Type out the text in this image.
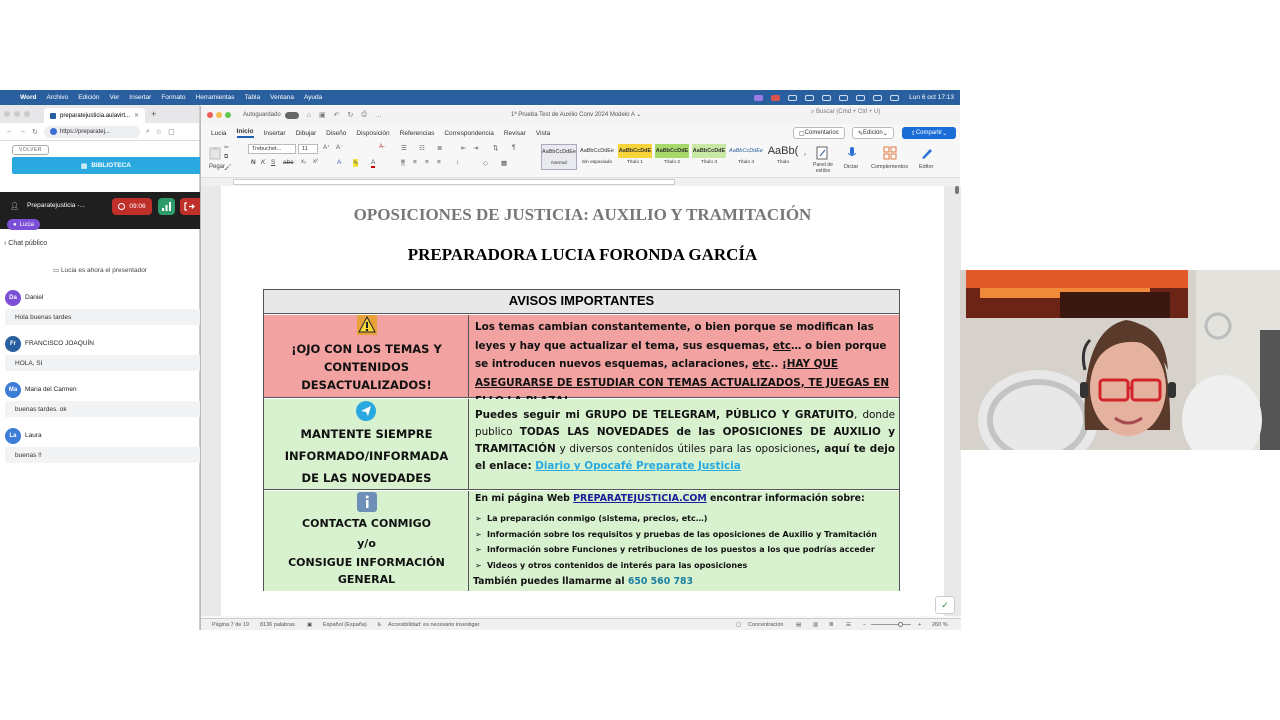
Word Archivo Edición Ver Insertar Formato Herramientas Tabla Ventana Ayuda	Lun 6 oct 17:13
preparatejusticia.aulavirt... ✕ +
← → ↻	https://preparatej...	⌕ ☆ ▢
VOLVER
▤ BIBLIOTECA
👤︎ Preparatejusticia -...	09:06
● Lucia
‹ Chat público
▭ Lucia es ahora el presentador
Da	Daniel
Hola buenas tardes
Fr	FRANCISCO JOAQUÍN
HOLA, SI
Ma	Maria del Carmen
buenas tardes. ok
La	Laura
buenas !!
Autoguardado	⌂ ▣ ↶ ↻ ⎙ …	1ª Prueba Test de Auxilio Conv 2024 Modelo A ⌄	⌕ Buscar (Cmd + Ctrl + U)
Lucia Inicio Insertar Dibujar Diseño Disposición Referencias Correspondencia Revisar Vista	▢ Comentarios	✎ Edición ⌄	⇪ Compartir ⌄
Pegar
✂
⧉
🖌︎
Trebuchet...	11	A⁺ A⁻	A̶
N K S abc x₂ x²	A ✎ A
☰ ☷ ≣	⇤ ⇥ ⇅ ¶
≡ ≡ ≡ ≡ ↕	◇ ▦
AaBbCcDdEe
Normal
AaBbCcDdEe
Sin espaciado
AaBbCcDdE
Título 1
AaBbCcDdE
Título 2
AaBbCcDdE
Título 3
AaBbCcDdEe
Título 4
AaBb(
Título
›
Panel de estilos
Dictar Complementos Editor
OPOSICIONES DE JUSTICIA: AUXILIO Y TRAMITACIÓN
PREPARADORA LUCIA FORONDA GARCÍA
AVISOS IMPORTANTES
¡OJO CON LOS TEMAS Y
CONTENIDOS
DESACTUALIZADOS!
Los temas cambian constantemente, o bien porque se modifican las leyes y hay que actualizar el tema, sus esquemas, etc… o bien porque se introducen nuevos esquemas, aclaraciones, etc.. ¡HAY QUE ASEGURARSE DE ESTUDIAR CON TEMAS ACTUALIZADOS, TE JUEGAS EN
MANTENTE SIEMPRE
INFORMADO/INFORMADA
DE LAS NOVEDADES
Puedes seguir mi GRUPO DE TELEGRAM, PÚBLICO Y GRATUITO, donde publico TODAS LAS NOVEDADES de las OPOSICIONES DE AUXILIO y TRAMITACIÓN y diversos contenidos útiles para las oposiciones, aquí te dejo el enlace: Diario y Opocafé Preparate Justicia
CONTACTA CONMIGO
y/o
CONSIGUE INFORMACIÓN
GENERAL
En mi página Web PREPARATEJUSTICIA.COM encontrar información sobre:
➢ La preparación conmigo (sistema, precios, etc…)
➢ Información sobre los requisitos y pruebas de las oposiciones de Auxilio y Tramitación
➢ Información sobre Funciones y retribuciones de los puestos a los que podrías acceder
➢ Videos y otros contenidos de interés para las oposiciones
También puedes llamarme al 650 560 783
Página 7 de 19 8136 palabras ▣ Español (España) ♿︎ Accesibilidad: es necesario investigar	▢ Concentración ▤ ▥ ≣ ☰ −	+ 260 %
✓
